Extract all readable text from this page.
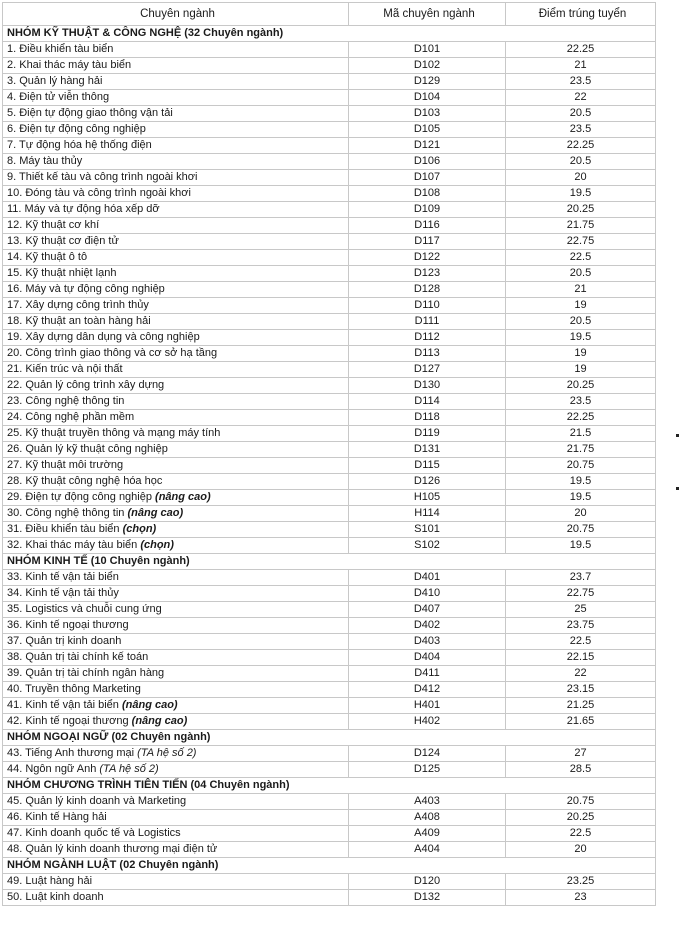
Chuyên ngành	Mã chuyên ngành	Điểm trúng tuyển
NHÓM KỸ THUẬT & CÔNG NGHỆ (32 Chuyên ngành)		
1. Điều khiển tàu biển	D101	22.25
2. Khai thác máy tàu biển	D102	21
3. Quản lý hàng hải	D129	23.5
4. Điện tử viễn thông	D104	22
5. Điện tự động giao thông vận tải	D103	20.5
6. Điện tự động công nghiệp	D105	23.5
7. Tự động hóa hệ thống điện	D121	22.25
8. Máy tàu thủy	D106	20.5
9. Thiết kế tàu và công trình ngoài khơi	D107	20
10. Đóng tàu và công trình ngoài khơi	D108	19.5
11. Máy và tự động hóa xếp dỡ	D109	20.25
12. Kỹ thuật cơ khí	D116	21.75
13. Kỹ thuật cơ điện tử	D117	22.75
14. Kỹ thuật ô tô	D122	22.5
15. Kỹ thuật nhiệt lạnh	D123	20.5
16. Máy và tự động công nghiệp	D128	21
17. Xây dựng công trình thủy	D110	19
18. Kỹ thuật an toàn hàng hải	D111	20.5
19. Xây dựng dân dụng và công nghiệp	D112	19.5
20. Công trình giao thông và cơ sở hạ tầng	D113	19
21. Kiến trúc và nội thất	D127	19
22. Quản lý công trình xây dựng	D130	20.25
23. Công nghệ thông tin	D114	23.5
24. Công nghệ phần mềm	D118	22.25
25. Kỹ thuật truyền thông và mạng máy tính	D119	21.5
26. Quản lý kỹ thuật công nghiệp	D131	21.75
27. Kỹ thuật môi trường	D115	20.75
28. Kỹ thuật công nghệ hóa học	D126	19.5
29. Điện tự động công nghiệp (nâng cao)	H105	19.5
30. Công nghệ thông tin (nâng cao)	H114	20
31. Điều khiển tàu biển (chọn)	S101	20.75
32. Khai thác máy tàu biển (chọn)	S102	19.5
NHÓM KINH TẾ (10 Chuyên ngành)		
33. Kinh tế vận tải biển	D401	23.7
34. Kinh tế vận tải thủy	D410	22.75
35. Logistics và chuỗi cung ứng	D407	25
36. Kinh tế ngoại thương	D402	23.75
37. Quản trị kinh doanh	D403	22.5
38. Quản trị tài chính kế toán	D404	22.15
39. Quản trị tài chính ngân hàng	D411	22
40. Truyền thông Marketing	D412	23.15
41. Kinh tế vận tải biển (nâng cao)	H401	21.25
42. Kinh tế ngoại thương (nâng cao)	H402	21.65
NHÓM NGOẠI NGỮ (02 Chuyên ngành)		
43. Tiếng Anh thương mại (TA hệ số 2)	D124	27
44. Ngôn ngữ Anh (TA hệ số 2)	D125	28.5
NHÓM CHƯƠNG TRÌNH TIÊN TIẾN (04 Chuyên ngành)		
45. Quản lý kinh doanh và Marketing	A403	20.75
46. Kinh tế Hàng hải	A408	20.25
47. Kinh doanh quốc tế và Logistics	A409	22.5
48. Quản lý kinh doanh thương mại điện tử	A404	20
NHÓM NGÀNH LUẬT (02 Chuyên ngành)		
49. Luật hàng hải	D120	23.25
50. Luật kinh doanh	D132	23
